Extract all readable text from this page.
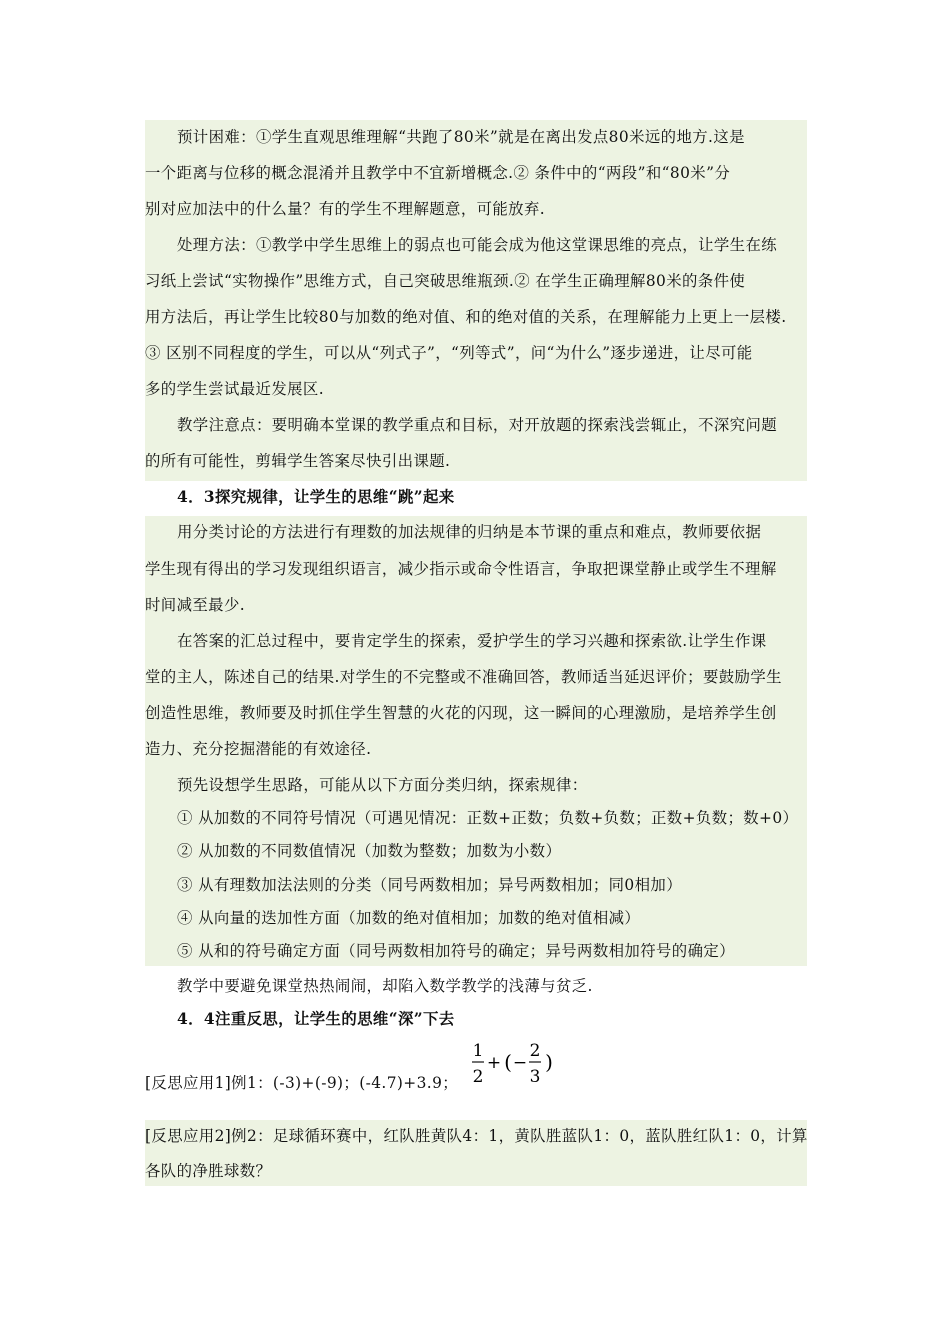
预计困难：①学生直观思维理解“共跑了80米”就是在离出发点80米远的地方.这是

一个距离与位移的概念混淆并且教学中不宜新增概念.② 条件中的“两段”和“80米”分

别对应加法中的什么量？有的学生不理解题意，可能放弃.

处理方法：①教学中学生思维上的弱点也可能会成为他这堂课思维的亮点，让学生在练

习纸上尝试“实物操作”思维方式，自己突破思维瓶颈.② 在学生正确理解80米的条件使

用方法后，再让学生比较80与加数的绝对值、和的绝对值的关系，在理解能力上更上一层楼.

③ 区别不同程度的学生，可以从“列式子”，“列等式”，问“为什么”逐步递进，让尽可能

多的学生尝试最近发展区.

教学注意点：要明确本堂课的教学重点和目标，对开放题的探索浅尝辄止，不深究问题

的所有可能性，剪辑学生答案尽快引出课题.

4．3探究规律，让学生的思维“跳”起来

用分类讨论的方法进行有理数的加法规律的归纳是本节课的重点和难点，教师要依据

学生现有得出的学习发现组织语言，减少指示或命令性语言，争取把课堂静止或学生不理解

时间减至最少.

在答案的汇总过程中，要肯定学生的探索，爱护学生的学习兴趣和探索欲.让学生作课

堂的主人，陈述自己的结果.对学生的不完整或不准确回答，教师适当延迟评价；要鼓励学生

创造性思维，教师要及时抓住学生智慧的火花的闪现，这一瞬间的心理激励，是培养学生创

造力、充分挖掘潜能的有效途径.

预先设想学生思路，可能从以下方面分类归纳，探索规律：

① 从加数的不同符号情况（可遇见情况：正数+正数；负数+负数；正数+负数；数+0）

② 从加数的不同数值情况（加数为整数；加数为小数）

③ 从有理数加法法则的分类（同号两数相加；异号两数相加；同0相加）

④ 从向量的迭加性方面（加数的绝对值相加；加数的绝对值相减）

⑤ 从和的符号确定方面（同号两数相加符号的确定；异号两数相加符号的确定）

教学中要避免课堂热热闹闹，却陷入数学教学的浅薄与贫乏.

4．4注重反思，让学生的思维“深”下去

[反思应用1]例1：(-3)+(-9)；(-4.7)+3.9；

1
2
+ ( −
2
3
)

[反思应用2]例2：足球循环赛中，红队胜黄队4：1，黄队胜蓝队1：0，蓝队胜红队1：0，计算

各队的净胜球数？
